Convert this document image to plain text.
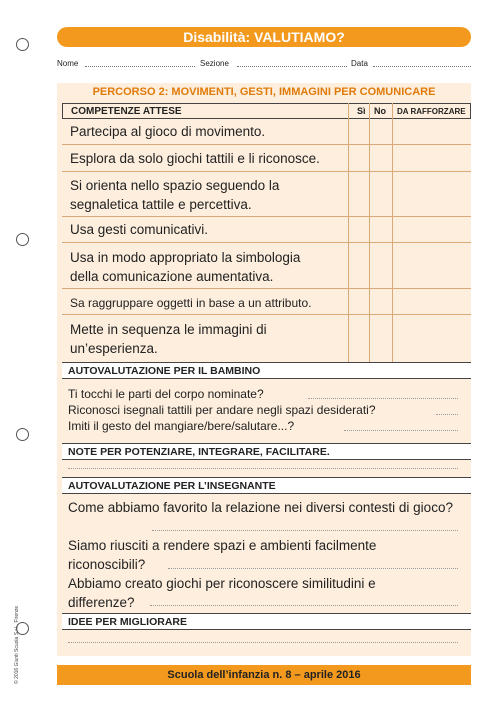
Disabilità: VALUTIAMO?
Nome	Sezione	Data
PERCORSO 2: MOVIMENTI, GESTI, IMMAGINI PER COMUNICARE
COMPETENZE ATTESE	Sì No DA RAFFORZARE
Partecipa al gioco di movimento.
Esplora da solo giochi tattili e li riconosce.
Si orienta nello spazio seguendo la
segnaletica tattile e percettiva.
Usa gesti comunicativi.
Usa in modo appropriato la simbologia
della comunicazione aumentativa.
Sa raggruppare oggetti in base a un attributo.
Mette in sequenza le immagini di
un’esperienza.
AUTOVALUTAZIONE PER IL BAMBINO
Ti tocchi le parti del corpo nominate?
Riconosci isegnali tattili per andare negli spazi desiderati?
Imiti il gesto del mangiare/bere/salutare...?
NOTE PER POTENZIARE, INTEGRARE, FACILITARE.
AUTOVALUTAZIONE PER L’INSEGNANTE
Come abbiamo favorito la relazione nei diversi contesti di gioco?
Siamo riusciti a rendere spazi e ambienti facilmente riconoscibili?
Abbiamo creato giochi per riconoscere similitudini e differenze?
IDEE PER MIGLIORARE
Scuola dell’infanzia n. 8 – aprile 2016
© 2016 Giunti Scuola S.r.l., Firenze
